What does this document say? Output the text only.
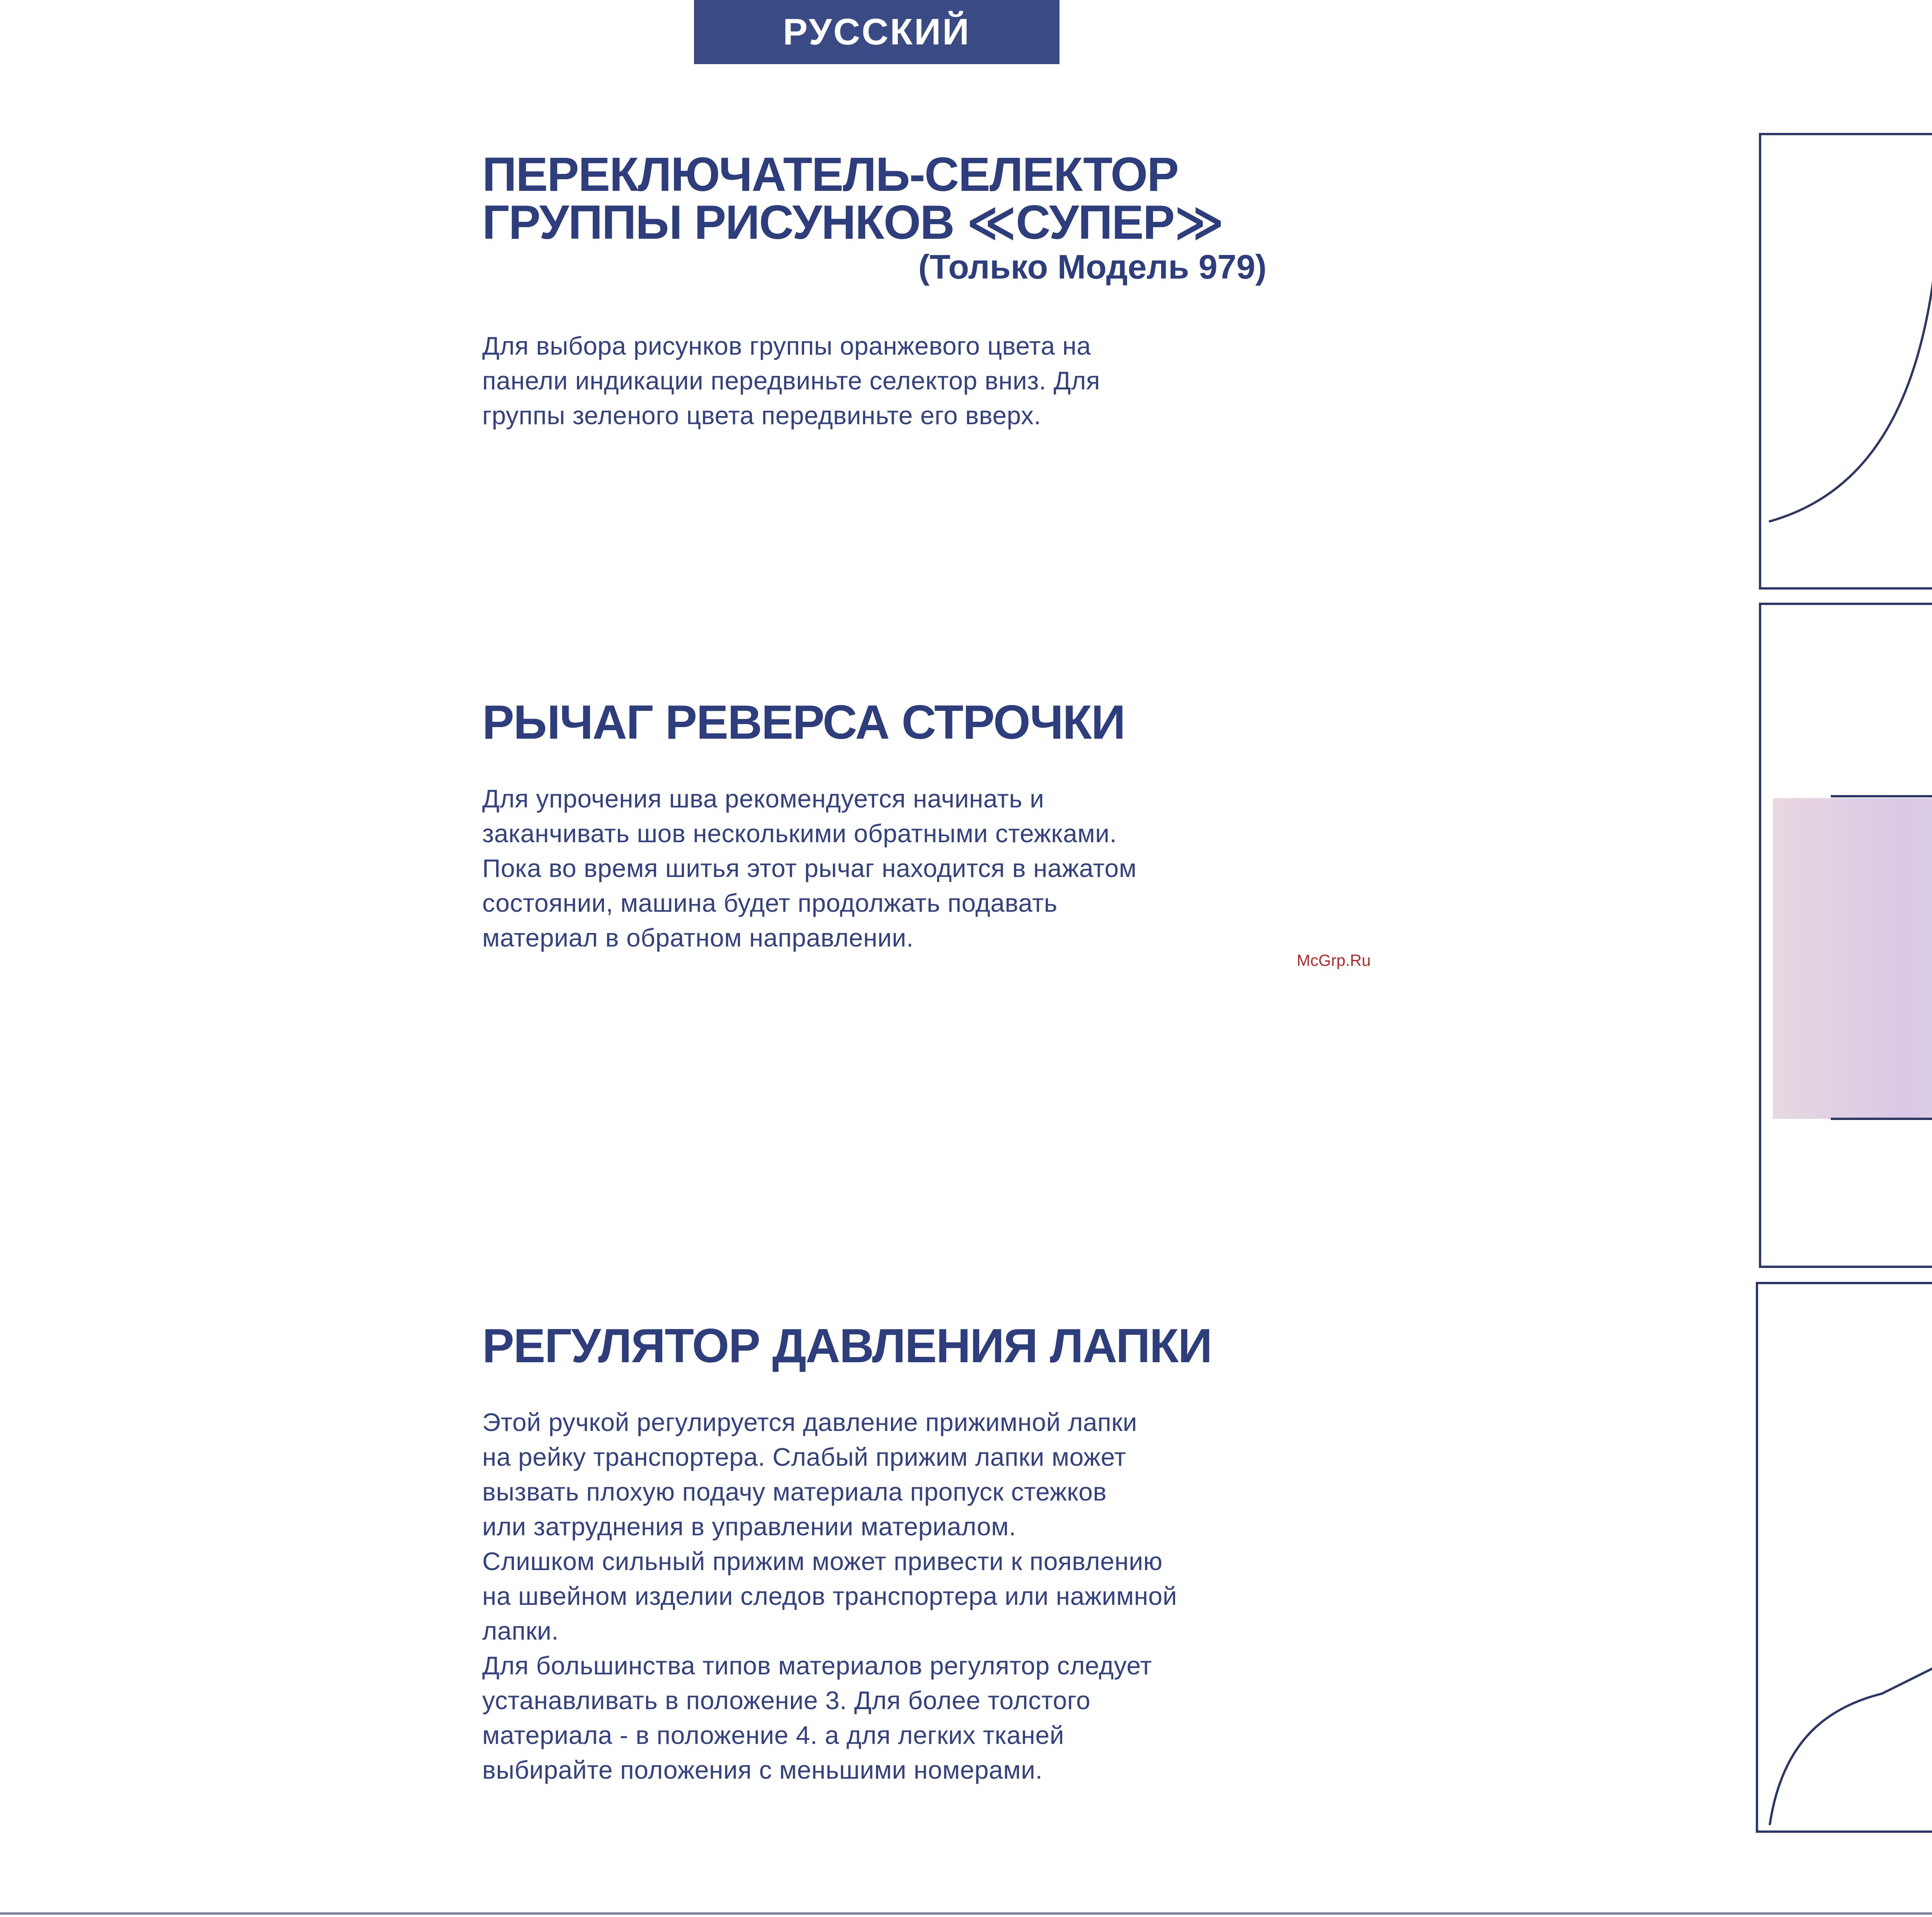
РУССКИЙ
ПЕРЕКЛЮЧАТЕЛЬ-СЕЛЕКТОР
ГРУППЫ РИСУНКОВ ≪СУПЕР≫
(Только Модель 979)
Для выбора рисунков группы оранжевого цвета на
панели индикации передвиньте селектор вниз. Для
группы зеленого цвета передвиньте его вверх.
РЫЧАГ РЕВЕРСА СТРОЧКИ
Для упрочения шва рекомендуется начинать и
заканчивать шов несколькими обратными стежками.
Пока во время шитья этот рычаг находится в нажатом
состоянии, машина будет продолжать подавать
материал в обратном направлении.
РЕГУЛЯТОР ДАВЛЕНИЯ ЛАПКИ
Этой ручкой регулируется давление прижимной лапки
на рейку транспортера. Слабый прижим лапки может
вызвать плохую подачу материала пропуск стежков
или затруднения в управлении материалом.
Слишком сильный прижим может привести к появлению
на швейном изделии следов транспортера или нажимной
лапки.
Для большинства типов материалов регулятор следует
устанавливать в положение 3. Для более толстого
материала - в положение 4. а для легких тканей
выбирайте положения с меньшими номерами.
McGrp.Ru
